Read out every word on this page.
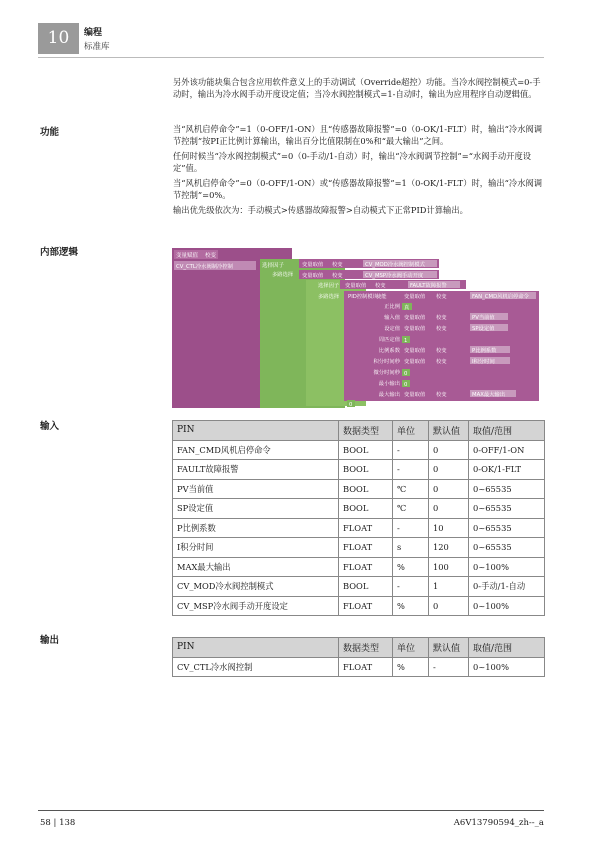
10	编程
标准库

另外该功能块集合包含应用软件意义上的手动调试（Override超控）功能。当冷水阀控制模式=0-手动时，输出为冷水阀手动开度设定值；当冷水阀控制模式=1-自动时，输出为应用程序自动逻辑值。

功能	当“风机启停命令”=1（0-OFF/1-ON）且“传感器故障报警”=0（0-OK/1-FLT）时，输出“冷水阀调节控制”按PI正比例计算输出，输出百分比值限制在0%和“最大输出”之间。

任何时候当“冷水阀控制模式”=0（0-手动/1-自动）时，输出“冷水阀调节控制”=“水阀手动开度设定”值。

当“风机启停命令”=0（0-OFF/1-ON）或“传感器故障报警”=1（0-OK/1-FLT）时，输出“冷水阀调节控制”=0%。

输出优先级依次为：手动模式>传感器故障报警>自动模式下正常PID计算输出。

内部逻辑	变量赋值 校变
CV_CTL冷水阀制冷控制	选择因子
多路选择
变量取值 校变	CV_MOD冷水阀控制模式
变量取值 校变	CV_MSP冷水阀手动开度
选择因子
多路选择
变量取值 校变	FAULT故障报警
PID控制模块
使能	变量取值 校变	FAN_CMD风机启停命令
正比例 真
输入值 变量取值 校变	PV当前值
设定值 变量取值 校变	SP设定值
周匹定值 1
比例系数 变量取值 校变	P比例系数
积分时间秒 变量取值 校变	I积分时间
微分时间秒 0
最小输出 0
最大输出 变量取值 校变	MAX最大输出
0
输入	PIN	数据类型	单位	默认值	取值/范围
FAN_CMD风机启停命令	BOOL	-	0	0-OFF/1-ON
FAULT故障报警	BOOL	-	0	0-OK/1-FLT
PV当前值	BOOL	℃	0	0~65535
SP设定值	BOOL	℃	0	0~65535
P比例系数	FLOAT	-	10	0~65535
I积分时间	FLOAT	s	120	0~65535
MAX最大输出	FLOAT	%	100	0~100%
CV_MOD冷水阀控制模式	BOOL	-	1	0-手动/1-自动
CV_MSP冷水阀手动开度设定	FLOAT	%	0	0~100%
输出
PIN	数据类型	单位	默认值	取值/范围
CV_CTL冷水阀控制	FLOAT	%	-	0~100%
58 | 138	A6V13790594_zh--_a
